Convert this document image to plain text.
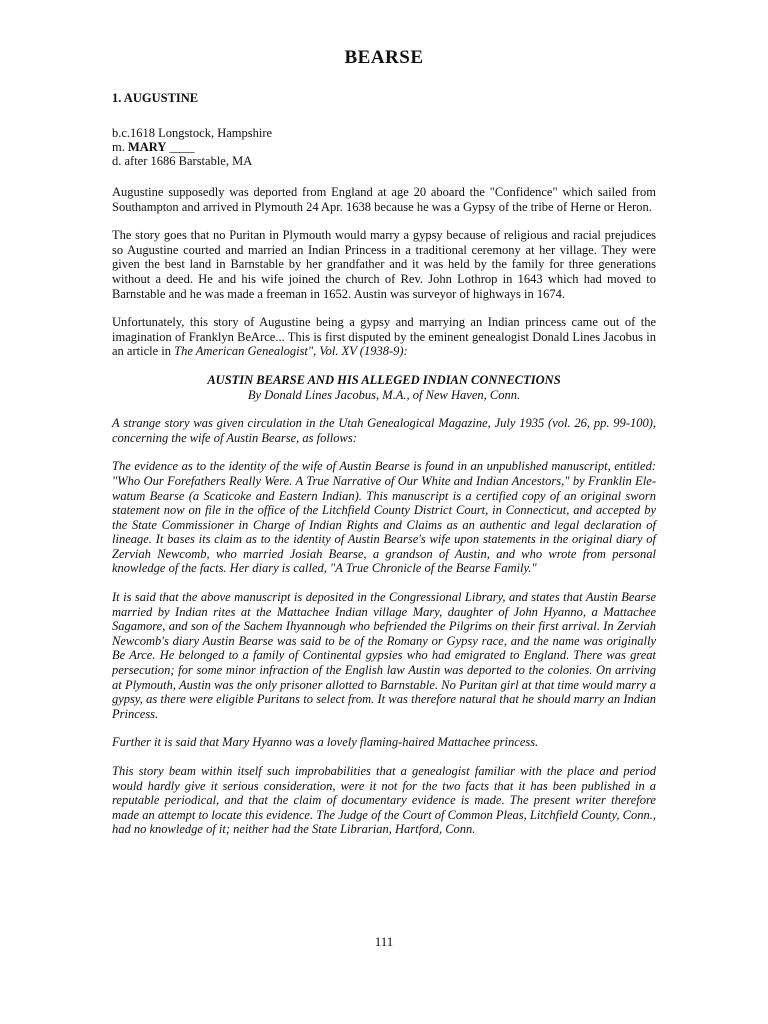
BEARSE
1. AUGUSTINE
b.c.1618 Longstock, Hampshire
m. MARY ____
d. after 1686 Barstable, MA

Augustine supposedly was deported from England at age 20 aboard the "Confidence" which sailed from Southampton and arrived in Plymouth 24 Apr. 1638 because he was a Gypsy of the tribe of Herne or Heron.

The story goes that no Puritan in Plymouth would marry a gypsy because of religious and racial prejudices so Augustine courted and married an Indian Princess in a traditional ceremony at her village. They were given the best land in Barnstable by her grandfather and it was held by the family for three generations without a deed. He and his wife joined the church of Rev. John Lothrop in 1643 which had moved to Barnstable and he was made a freeman in 1652. Austin was surveyor of highways in 1674.

Unfortunately, this story of Augustine being a gypsy and marrying an Indian princess came out of the imagination of Franklyn BeArce... This is first disputed by the eminent genealogist Donald Lines Jacobus in an article in The American Genealogist", Vol. XV (1938-9):

AUSTIN BEARSE AND HIS ALLEGED INDIAN CONNECTIONS
By Donald Lines Jacobus, M.A., of New Haven, Conn.

A strange story was given circulation in the Utah Genealogical Magazine, July 1935 (vol. 26, pp. 99-100), concerning the wife of Austin Bearse, as follows:

The evidence as to the identity of the wife of Austin Bearse is found in an unpublished manuscript, entitled: "Who Our Forefathers Really Were. A True Narrative of Our White and Indian Ancestors," by Franklin Ele-watum Bearse (a Scaticoke and Eastern Indian). This manuscript is a certified copy of an original sworn statement now on file in the office of the Litchfield County District Court, in Connecticut, and accepted by the State Commissioner in Charge of Indian Rights and Claims as an authentic and legal declaration of lineage. It bases its claim as to the identity of Austin Bearse's wife upon statements in the original diary of Zerviah Newcomb, who married Josiah Bearse, a grandson of Austin, and who wrote from personal knowledge of the facts. Her diary is called, "A True Chronicle of the Bearse Family."

It is said that the above manuscript is deposited in the Congressional Library, and states that Austin Bearse married by Indian rites at the Mattachee Indian village Mary, daughter of John Hyanno, a Mattachee Sagamore, and son of the Sachem Ihyannough who befriended the Pilgrims on their first arrival. In Zerviah Newcomb's diary Austin Bearse was said to be of the Romany or Gypsy race, and the name was originally Be Arce. He belonged to a family of Continental gypsies who had emigrated to England. There was great persecution; for some minor infraction of the English law Austin was deported to the colonies. On arriving at Plymouth, Austin was the only prisoner allotted to Barnstable. No Puritan girl at that time would marry a gypsy, as there were eligible Puritans to select from. It was therefore natural that he should marry an Indian Princess.

Further it is said that Mary Hyanno was a lovely flaming-haired Mattachee princess.

This story beam within itself such improbabilities that a genealogist familiar with the place and period would hardly give it serious consideration, were it not for the two facts that it has been published in a reputable periodical, and that the claim of documentary evidence is made. The present writer therefore made an attempt to locate this evidence. The Judge of the Court of Common Pleas, Litchfield County, Conn., had no knowledge of it; neither had the State Librarian, Hartford, Conn.

111
